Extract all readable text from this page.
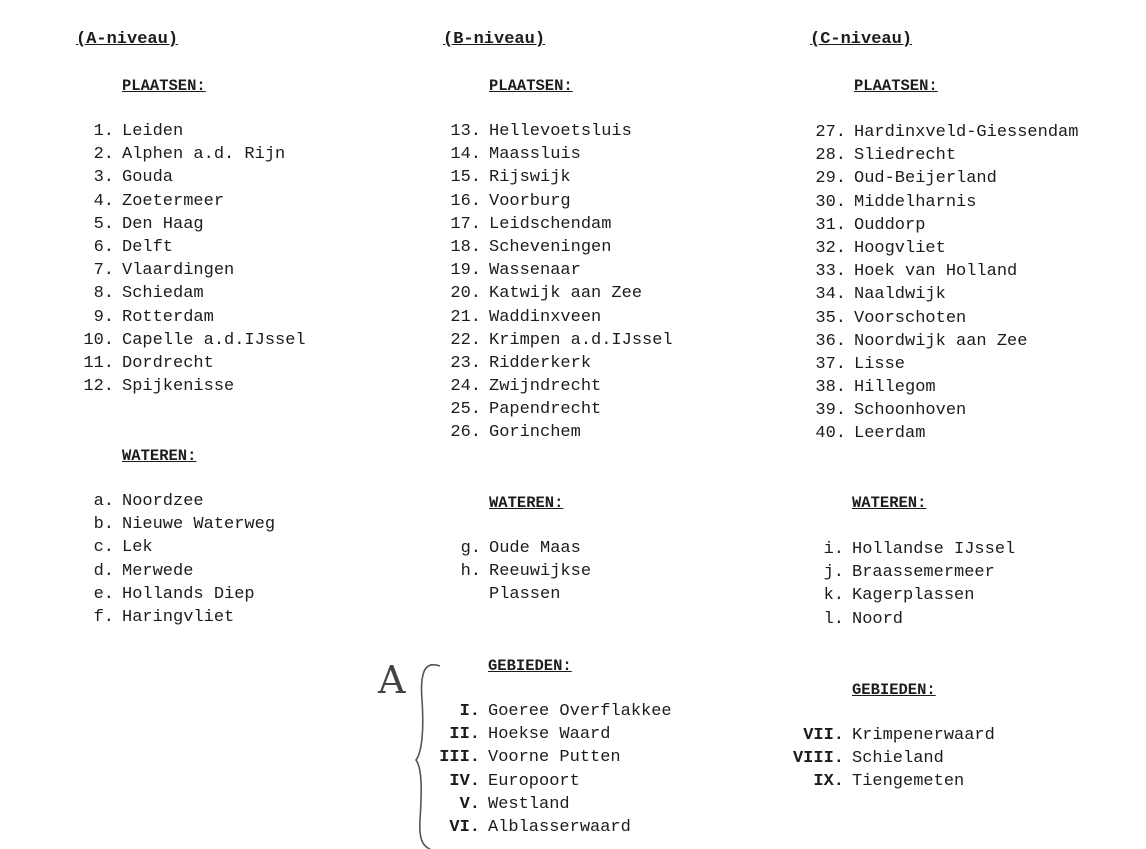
(A-niveau)
PLAATSEN:
1. Leiden
2. Alphen a.d. Rijn
3. Gouda
4. Zoetermeer
5. Den Haag
6. Delft
7. Vlaardingen
8. Schiedam
9. Rotterdam
10. Capelle a.d.IJssel
11. Dordrecht
12. Spijkenisse
WATEREN:
a. Noordzee
b. Nieuwe Waterweg
c. Lek
d. Merwede
e. Hollands Diep
f. Haringvliet
(B-niveau)
PLAATSEN:
13. Hellevoetsluis
14. Maassluis
15. Rijswijk
16. Voorburg
17. Leidschendam
18. Scheveningen
19. Wassenaar
20. Katwijk aan Zee
21. Waddinxveen
22. Krimpen a.d.IJssel
23. Ridderkerk
24. Zwijndrecht
25. Papendrecht
26. Gorinchem
WATEREN:
g. Oude Maas
h. Reeuwijkse
Plassen
GEBIEDEN:
I. Goeree Overflakkee
II. Hoekse Waard
III. Voorne Putten
IV. Europoort
V. Westland
VI. Alblasserwaard
A
(C-niveau)
PLAATSEN:
27. Hardinxveld-Giessendam
28. Sliedrecht
29. Oud-Beijerland
30. Middelharnis
31. Ouddorp
32. Hoogvliet
33. Hoek van Holland
34. Naaldwijk
35. Voorschoten
36. Noordwijk aan Zee
37. Lisse
38. Hillegom
39. Schoonhoven
40. Leerdam
WATEREN:
i. Hollandse IJssel
j. Braassemermeer
k. Kagerplassen
l. Noord
GEBIEDEN:
VII. Krimpenerwaard
VIII. Schieland
IX. Tiengemeten
